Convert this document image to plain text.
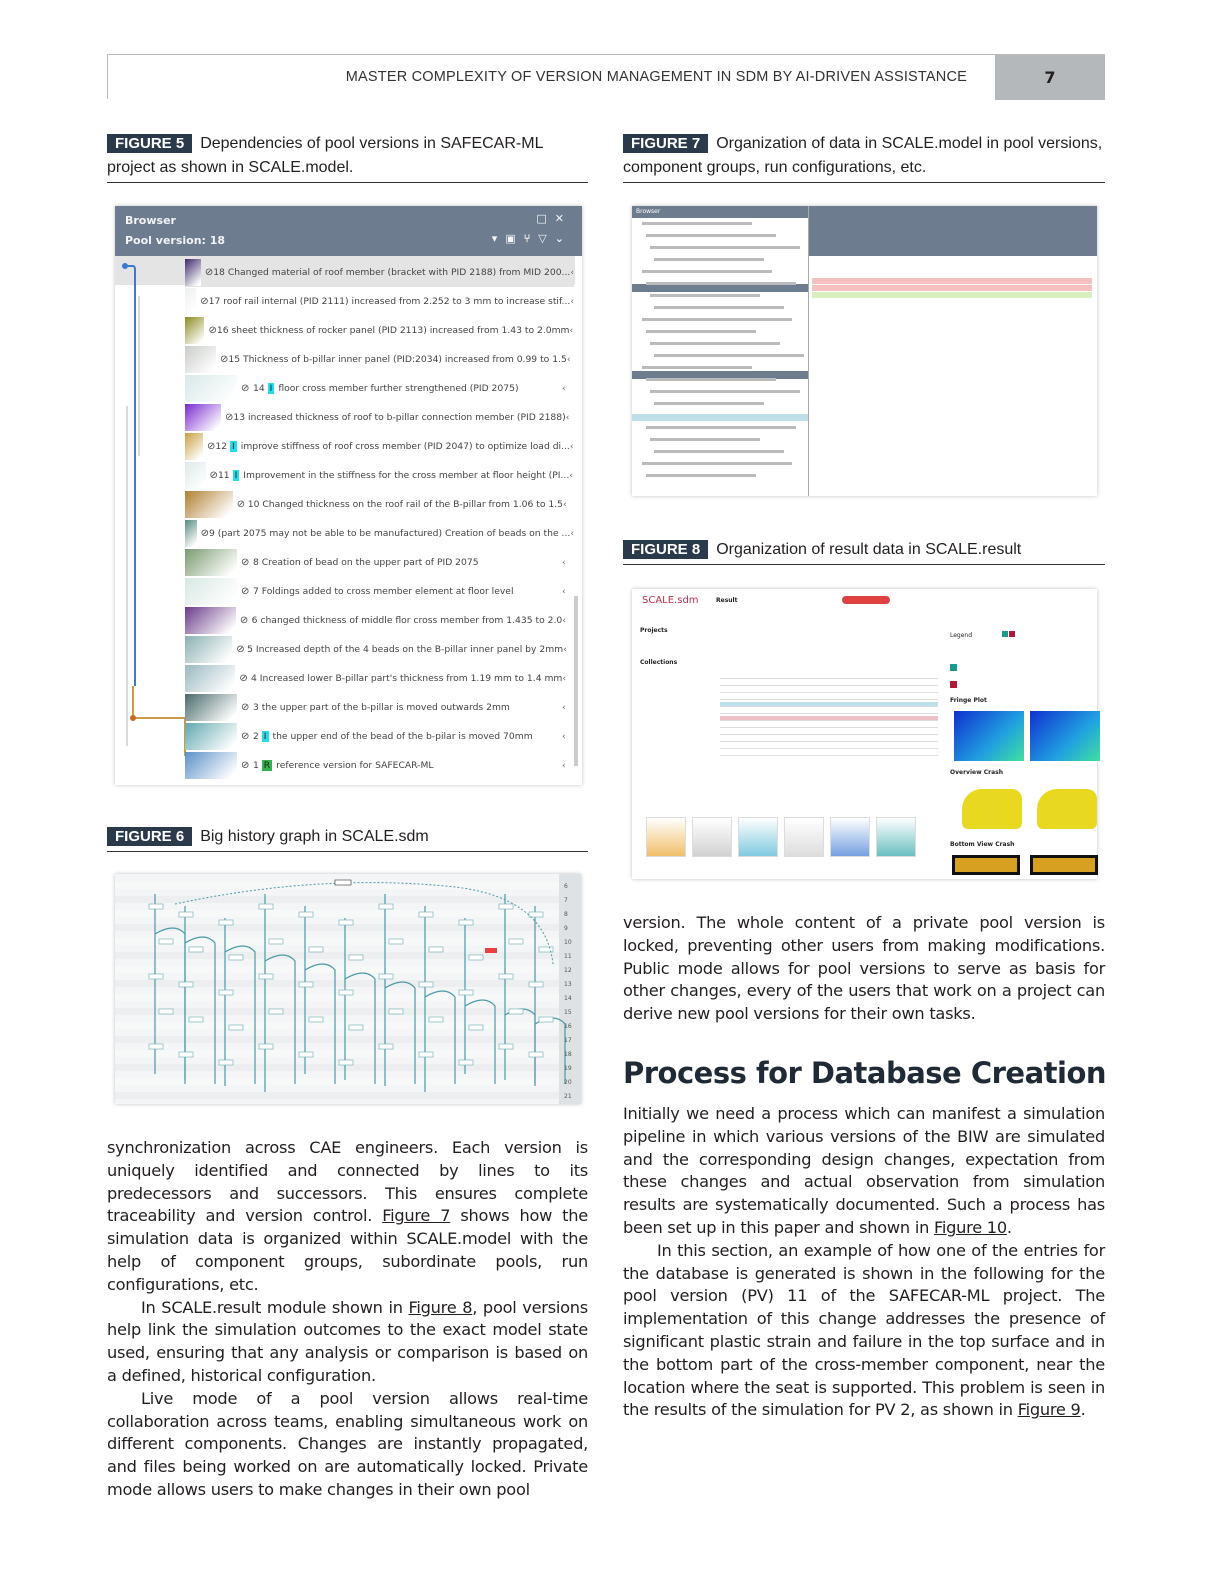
MASTER COMPLEXITY OF VERSION MANAGEMENT IN SDM BY AI-DRIVEN ASSISTANCE	7
FIGURE 5 Dependencies of pool versions in SAFECAR-ML project as shown in SCALE.model.
Browser	□✕
Pool version: 18	▾▣⑂▽⌄
⊘ 18 Changed material of roof member (bracket with PID 2188) from MID 200... ‹
⊘ 17 roof rail internal (PID 2111) increased from 2.252 to 3 mm to increase stif... ‹
⊘ 16 sheet thickness of rocker panel (PID 2113) increased from 1.43 to 2.0mm ‹
⊘ 15 Thickness of b-pillar inner panel (PID:2034) increased from 0.99 to 1.5 ‹
⊘ 14 I floor cross member further strengthened (PID 2075)	‹
⊘ 13 increased thickness of roof to b-pillar connection member (PID 2188) ‹
⊘ 12 I improve stiffness of roof cross member (PID 2047) to optimize load di... ‹
⊘ 11 I Improvement in the stiffness for the cross member at floor height (PI... ‹
⊘ 10 Changed thickness on the roof rail of the B-pillar from 1.06 to 1.5 ‹
⊘ 9 (part 2075 may not be able to be manufactured) Creation of beads on the ... ‹
⊘ 8 Creation of bead on the upper part of PID 2075	‹
⊘ 7 Foldings added to cross member element at floor level	‹
⊘ 6 changed thickness of middle flor cross member from 1.435 to 2.0 ‹
⊘ 5 Increased depth of the 4 beads on the B-pillar inner panel by 2mm ‹
⊘ 4 Increased lower B-pillar part's thickness from 1.19 mm to 1.4 mm ‹
⊘ 3 the upper part of the b-pillar is moved outwards 2mm	‹
⊘ 2 I the upper end of the bead of the b-pilar is moved 70mm	‹
⊘ 1 R reference version for SAFECAR-ML	‹
FIGURE 6 Big history graph in SCALE.sdm
6
7
8
9
10
11
12
13
14
15
16
17
18
19
20
21
FIGURE 7 Organization of data in SCALE.model in pool versions, component groups, run configurations, etc.
Browser
FIGURE 8 Organization of result data in SCALE.result
SCALE.sdm	Result
Projects
Collections
Legend
Fringe Plot
Overview Crash
Bottom View Crash

synchronization across CAE engineers. Each version is uniquely identified and connected by lines to its predecessors and successors. This ensures complete traceability and version control. Figure 7 shows how the simulation data is organized within SCALE.model with the help of component groups, subordinate pools, run configurations, etc.

In SCALE.result module shown in Figure 8, pool versions help link the simulation outcomes to the exact model state used, ensuring that any analysis or comparison is based on a defined, historical configuration.

Live mode of a pool version allows real-time collaboration across teams, enabling simultaneous work on different components. Changes are instantly propagated, and files being worked on are automatically locked. Private mode allows users to make changes in their own pool

version. The whole content of a private pool version is locked, preventing other users from making modifications. Public mode allows for pool versions to serve as basis for other changes, every of the users that work on a project can derive new pool versions for their own tasks.

Process for Database Creation

Initially we need a process which can manifest a simulation pipeline in which various versions of the BIW are simulated and the corresponding design changes, expectation from these changes and actual observation from simulation results are systematically documented. Such a process has been set up in this paper and shown in Figure 10.

In this section, an example of how one of the entries for the database is generated is shown in the following for the pool version (PV) 11 of the SAFECAR-ML project. The implementation of this change addresses the presence of significant plastic strain and failure in the top surface and in the bottom part of the cross-member component, near the location where the seat is supported. This problem is seen in the results of the simulation for PV 2, as shown in Figure 9.
